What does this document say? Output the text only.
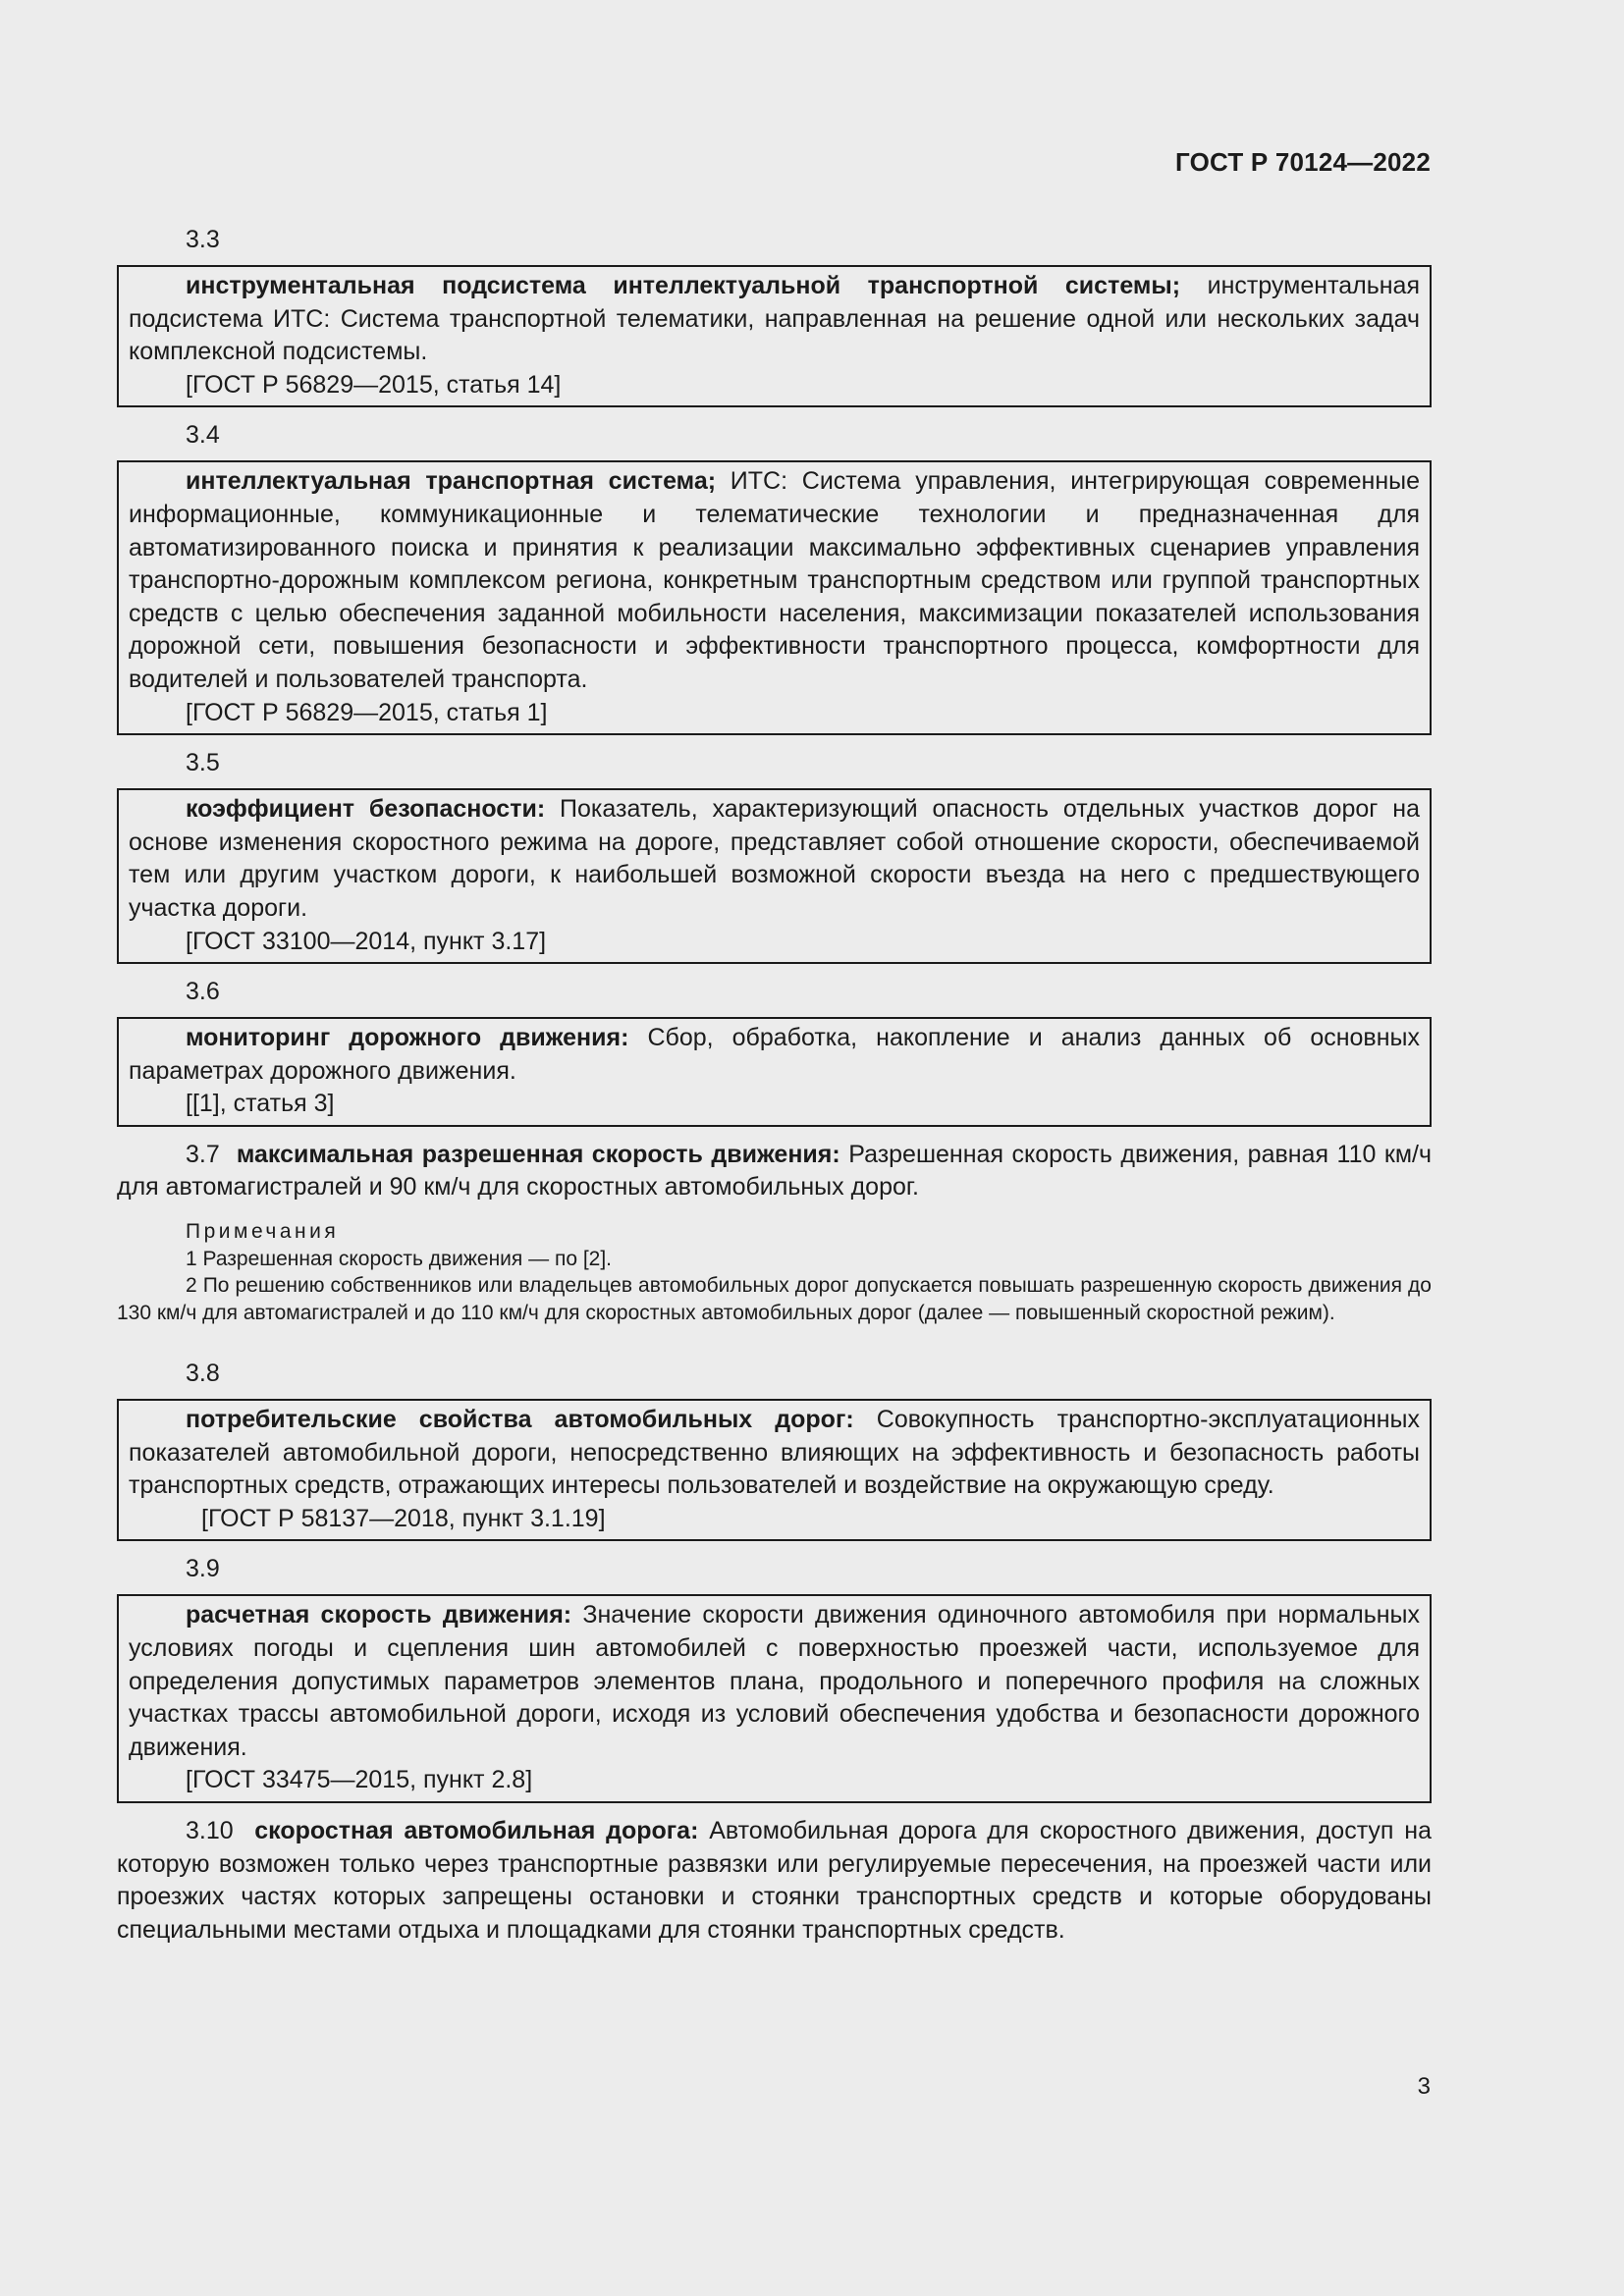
ГОСТ Р 70124—2022
3.3
инструментальная подсистема интеллектуальной транспортной системы; инструментальная подсистема ИТС: Система транспортной телематики, направленная на решение одной или нескольких задач комплексной подсистемы.
[ГОСТ Р 56829—2015, статья 14]
3.4
интеллектуальная транспортная система; ИТС: Система управления, интегрирующая современные информационные, коммуникационные и телематические технологии и предназначенная для автоматизированного поиска и принятия к реализации максимально эффективных сценариев управления транспортно-дорожным комплексом региона, конкретным транспортным средством или группой транспортных средств с целью обеспечения заданной мобильности населения, максимизации показателей использования дорожной сети, повышения безопасности и эффективности транспортного процесса, комфортности для водителей и пользователей транспорта.
[ГОСТ Р 56829—2015, статья 1]
3.5
коэффициент безопасности: Показатель, характеризующий опасность отдельных участков дорог на основе изменения скоростного режима на дороге, представляет собой отношение скорости, обеспечиваемой тем или другим участком дороги, к наибольшей возможной скорости въезда на него с предшествующего участка дороги.
[ГОСТ 33100—2014, пункт 3.17]
3.6
мониторинг дорожного движения: Сбор, обработка, накопление и анализ данных об основных параметрах дорожного движения.
[[1], статья 3]

3.7 максимальная разрешенная скорость движения: Разрешенная скорость движения, равная 110 км/ч для автомагистралей и 90 км/ч для скоростных автомобильных дорог.

Примечания
1 Разрешенная скорость движения — по [2].
2 По решению собственников или владельцев автомобильных дорог допускается повышать разрешенную скорость движения до 130 км/ч для автомагистралей и до 110 км/ч для скоростных автомобильных дорог (далее — повышенный скоростной режим).
3.8
потребительские свойства автомобильных дорог: Совокупность транспортно-эксплуатационных показателей автомобильной дороги, непосредственно влияющих на эффективность и безопасность работы транспортных средств, отражающих интересы пользователей и воздействие на окружающую среду.
[ГОСТ Р 58137—2018, пункт 3.1.19]
3.9
расчетная скорость движения: Значение скорости движения одиночного автомобиля при нормальных условиях погоды и сцепления шин автомобилей с поверхностью проезжей части, используемое для определения допустимых параметров элементов плана, продольного и поперечного профиля на сложных участках трассы автомобильной дороги, исходя из условий обеспечения удобства и безопасности дорожного движения.
[ГОСТ 33475—2015, пункт 2.8]

3.10 скоростная автомобильная дорога: Автомобильная дорога для скоростного движения, доступ на которую возможен только через транспортные развязки или регулируемые пересечения, на проезжей части или проезжих частях которых запрещены остановки и стоянки транспортных средств и которые оборудованы специальными местами отдыха и площадками для стоянки транспортных средств.

3
